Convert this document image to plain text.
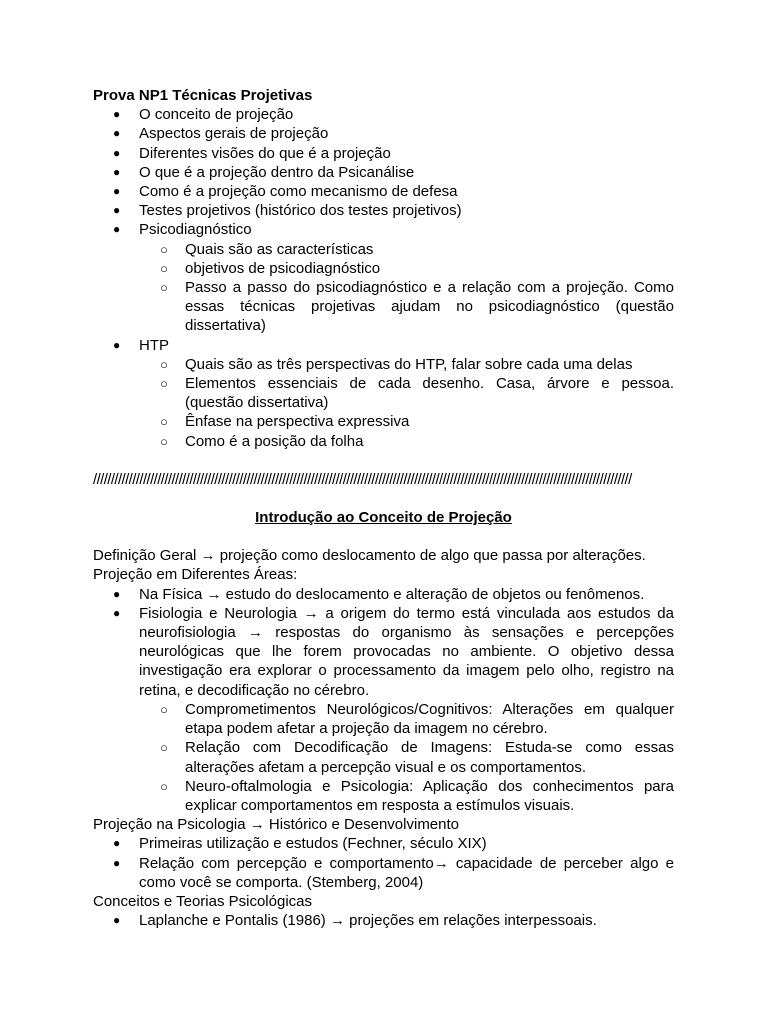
Prova NP1 Técnicas Projetivas

● O conceito de projeção
● Aspectos gerais de projeção
● Diferentes visões do que é a projeção
● O que é a projeção dentro da Psicanálise
● Como é a projeção como mecanismo de defesa
● Testes projetivos (histórico dos testes projetivos)
● Psicodiagnóstico
○ Quais são as características
○ objetivos de psicodiagnóstico
○ Passo a passo do psicodiagnóstico e a relação com a projeção. Como essas técnicas projetivas ajudam no psicodiagnóstico (questão dissertativa)
● HTP
○ Quais são as três perspectivas do HTP, falar sobre cada uma delas
○ Elementos essenciais de cada desenho. Casa, árvore e pessoa. (questão dissertativa)
○ Ênfase na perspectiva expressiva
○ Como é a posição da folha
///////////////////////////////////////////////////////////////////////////////////////////////////////////////////////////////////////////////////////

Introdução ao Conceito de Projeção

Definição Geral → projeção como deslocamento de algo que passa por alterações.

Projeção em Diferentes Áreas:

● Na Física → estudo do deslocamento e alteração de objetos ou fenômenos.
● Fisiologia e Neurologia → a origem do termo está vinculada aos estudos da neurofisiologia → respostas do organismo às sensações e percepções neurológicas que lhe forem provocadas no ambiente. O objetivo dessa investigação era explorar o processamento da imagem pelo olho, registro na retina, e decodificação no cérebro.
○ Comprometimentos Neurológicos/Cognitivos: Alterações em qualquer etapa podem afetar a projeção da imagem no cérebro.
○ Relação com Decodificação de Imagens: Estuda-se como essas alterações afetam a percepção visual e os comportamentos.
○ Neuro-oftalmologia e Psicologia: Aplicação dos conhecimentos para explicar comportamentos em resposta a estímulos visuais.

Projeção na Psicologia → Histórico e Desenvolvimento

● Primeiras utilização e estudos (Fechner, século XIX)
● Relação com percepção e comportamento→ capacidade de perceber algo e como você se comporta. (Stemberg, 2004)

Conceitos e Teorias Psicológicas

● Laplanche e Pontalis (1986) → projeções em relações interpessoais.
